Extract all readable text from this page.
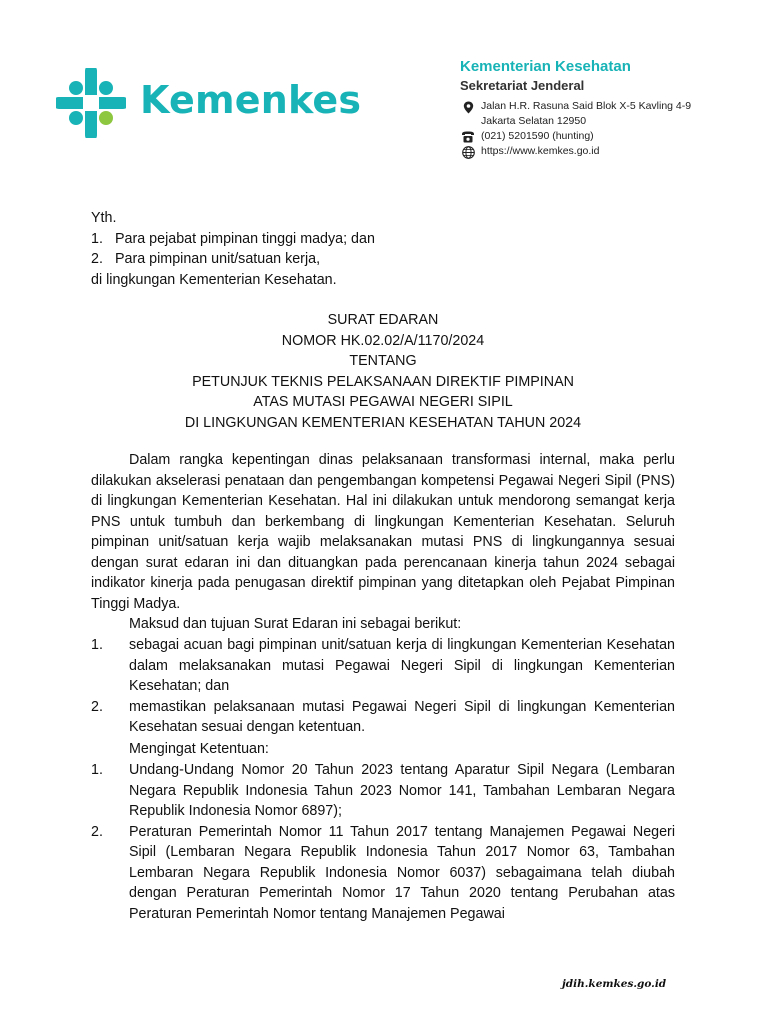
Kemenkes
Kementerian Kesehatan
Sekretariat Jenderal
Jalan H.R. Rasuna Said Blok X-5 Kavling 4-9
Jakarta Selatan 12950
(021) 5201590 (hunting)
https://www.kemkes.go.id
Yth.
1. Para pejabat pimpinan tinggi madya; dan
2. Para pimpinan unit/satuan kerja,
di lingkungan Kementerian Kesehatan.
SURAT EDARAN
NOMOR HK.02.02/A/1170/2024
TENTANG
PETUNJUK TEKNIS PELAKSANAAN DIREKTIF PIMPINAN
ATAS MUTASI PEGAWAI NEGERI SIPIL
DI LINGKUNGAN KEMENTERIAN KESEHATAN TAHUN 2024
Dalam rangka kepentingan dinas pelaksanaan transformasi internal, maka perlu dilakukan akselerasi penataan dan pengembangan kompetensi Pegawai Negeri Sipil (PNS) di lingkungan Kementerian Kesehatan. Hal ini dilakukan untuk mendorong semangat kerja PNS untuk tumbuh dan berkembang di lingkungan Kementerian Kesehatan. Seluruh pimpinan unit/satuan kerja wajib melaksanakan mutasi PNS di lingkungannya sesuai dengan surat edaran ini dan dituangkan pada perencanaan kinerja tahun 2024 sebagai indikator kinerja pada penugasan direktif pimpinan yang ditetapkan oleh Pejabat Pimpinan Tinggi Madya.
Maksud dan tujuan Surat Edaran ini sebagai berikut:
1.	sebagai acuan bagi pimpinan unit/satuan kerja di lingkungan Kementerian Kesehatan dalam melaksanakan mutasi Pegawai Negeri Sipil di lingkungan Kementerian Kesehatan; dan
2.	memastikan pelaksanaan mutasi Pegawai Negeri Sipil di lingkungan Kementerian Kesehatan sesuai dengan ketentuan.
Mengingat Ketentuan:
1.	Undang-Undang Nomor 20 Tahun 2023 tentang Aparatur Sipil Negara (Lembaran Negara Republik Indonesia Tahun 2023 Nomor 141, Tambahan Lembaran Negara Republik Indonesia Nomor 6897);
2.	Peraturan Pemerintah Nomor 11 Tahun 2017 tentang Manajemen Pegawai Negeri Sipil (Lembaran Negara Republik Indonesia Tahun 2017 Nomor 63, Tambahan Lembaran Negara Republik Indonesia Nomor 6037) sebagaimana telah diubah dengan Peraturan Pemerintah Nomor 17 Tahun 2020 tentang Perubahan atas Peraturan Pemerintah Nomor tentang Manajemen Pegawai
jdih.kemkes.go.id
